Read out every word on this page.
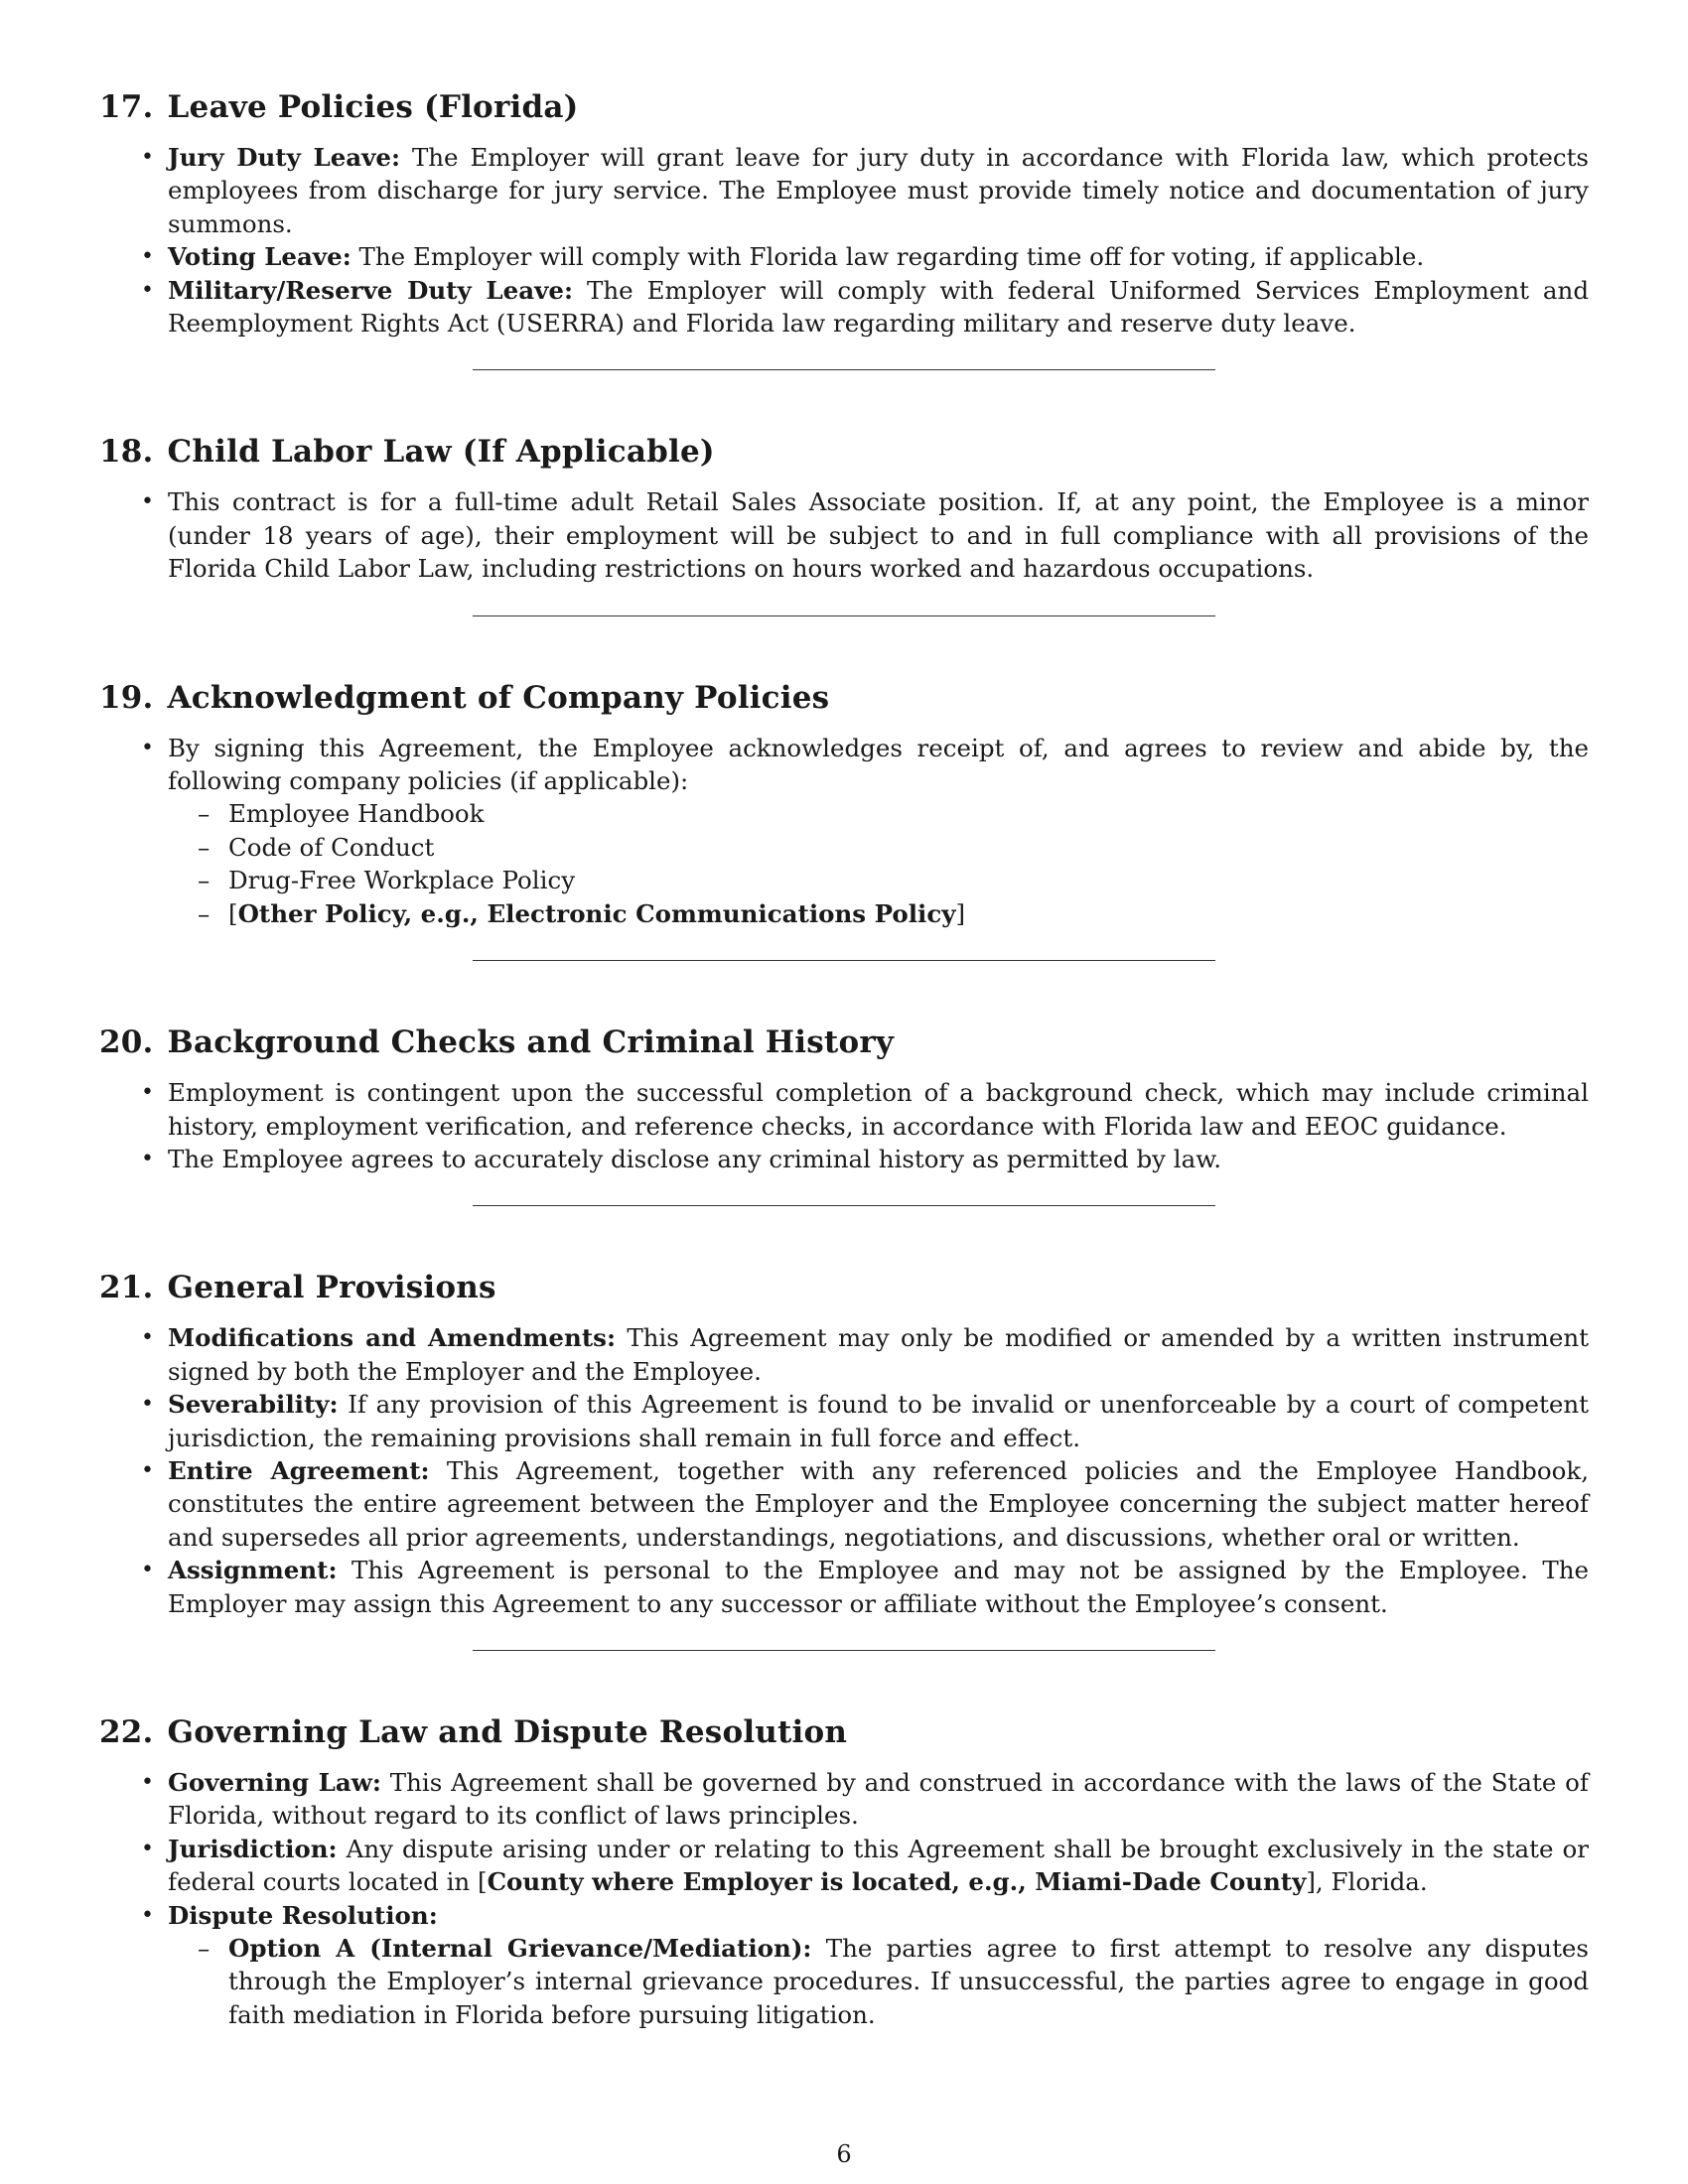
17. Leave Policies (Florida)
• Jury Duty Leave: The Employer will grant leave for jury duty in accordance with Florida law, which protects employees from discharge for jury service. The Employee must provide timely notice and documentation of jury summons.
• Voting Leave: The Employer will comply with Florida law regarding time off for voting, if applicable.
• Military/Reserve Duty Leave: The Employer will comply with federal Uniformed Services Employment and Reemployment Rights Act (USERRA) and Florida law regarding military and reserve duty leave.
18. Child Labor Law (If Applicable)
• This contract is for a full-time adult Retail Sales Associate position. If, at any point, the Employee is a minor (under 18 years of age), their employment will be subject to and in full compliance with all provisions of the Florida Child Labor Law, including restrictions on hours worked and hazardous occupations.
19. Acknowledgment of Company Policies
• By signing this Agreement, the Employee acknowledges receipt of, and agrees to review and abide by, the following company policies (if applicable):
– Employee Handbook
– Code of Conduct
– Drug-Free Workplace Policy
– [Other Policy, e.g., Electronic Communications Policy]
20. Background Checks and Criminal History
• Employment is contingent upon the successful completion of a background check, which may include criminal history, employment verification, and reference checks, in accordance with Florida law and EEOC guidance.
• The Employee agrees to accurately disclose any criminal history as permitted by law.
21. General Provisions
• Modifications and Amendments: This Agreement may only be modified or amended by a written instrument signed by both the Employer and the Employee.
• Severability: If any provision of this Agreement is found to be invalid or unenforceable by a court of competent jurisdiction, the remaining provisions shall remain in full force and effect.
• Entire Agreement: This Agreement, together with any referenced policies and the Employee Handbook, constitutes the entire agreement between the Employer and the Employee concerning the subject matter hereof and supersedes all prior agreements, understandings, negotiations, and discussions, whether oral or written.
• Assignment: This Agreement is personal to the Employee and may not be assigned by the Employee. The Employer may assign this Agreement to any successor or affiliate without the Employee’s consent.
22. Governing Law and Dispute Resolution
• Governing Law: This Agreement shall be governed by and construed in accordance with the laws of the State of Florida, without regard to its conflict of laws principles.
• Jurisdiction: Any dispute arising under or relating to this Agreement shall be brought exclusively in the state or federal courts located in [County where Employer is located, e.g., Miami-Dade County], Florida.
• Dispute Resolution:
– Option A (Internal Grievance/Mediation): The parties agree to first attempt to resolve any disputes through the Employer’s internal grievance procedures. If unsuccessful, the parties agree to engage in good faith mediation in Florida before pursuing litigation.
6
